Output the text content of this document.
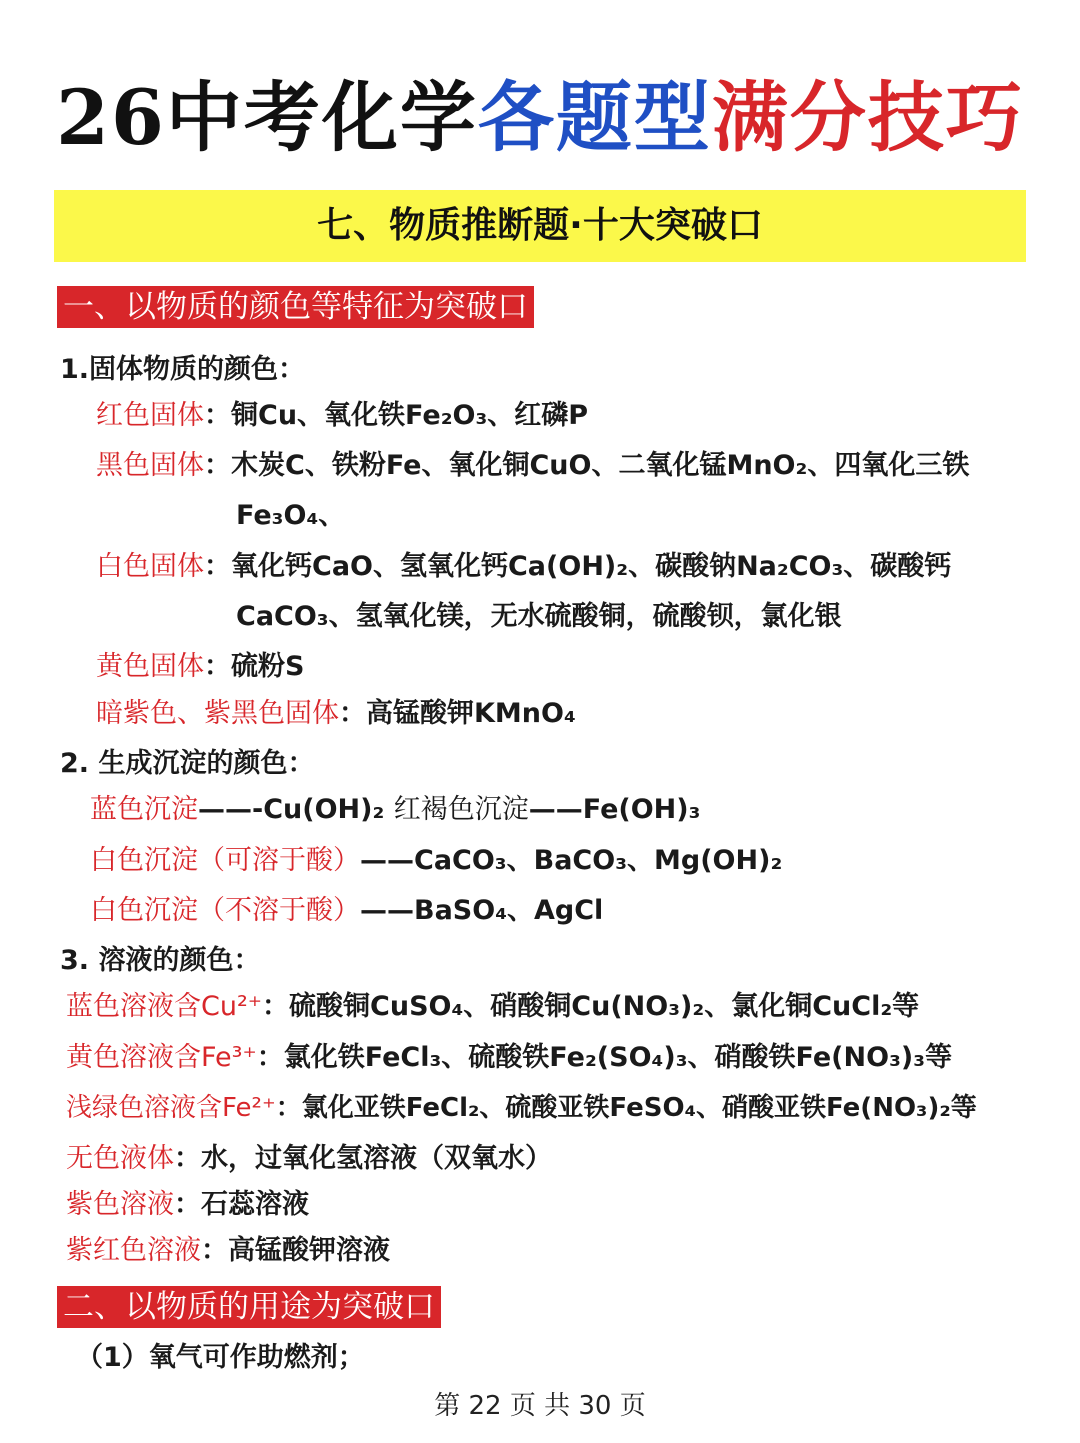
26中考化学各题型满分技巧
七、物质推断题·十大突破口
一、以物质的颜色等特征为突破口
1.固体物质的颜色：
红色固体：铜Cu、氧化铁Fe₂O₃、红磷P
黑色固体：木炭C、铁粉Fe、氧化铜CuO、二氧化锰MnO₂、四氧化三铁
Fe₃O₄、
白色固体：氧化钙CaO、氢氧化钙Ca(OH)₂、碳酸钠Na₂CO₃、碳酸钙
CaCO₃、氢氧化镁，无水硫酸铜，硫酸钡，氯化银
黄色固体：硫粉S
暗紫色、紫黑色固体：高锰酸钾KMnO₄
2. 生成沉淀的颜色：
蓝色沉淀——-Cu(OH)₂ 红褐色沉淀——Fe(OH)₃
白色沉淀（可溶于酸）——CaCO₃、BaCO₃、Mg(OH)₂
白色沉淀（不溶于酸）——BaSO₄、AgCl
3. 溶液的颜色：
蓝色溶液含Cu²⁺：硫酸铜CuSO₄、硝酸铜Cu(NO₃)₂、氯化铜CuCl₂等
黄色溶液含Fe³⁺：氯化铁FeCl₃、硫酸铁Fe₂(SO₄)₃、硝酸铁Fe(NO₃)₃等
浅绿色溶液含Fe²⁺：氯化亚铁FeCl₂、硫酸亚铁FeSO₄、硝酸亚铁Fe(NO₃)₂等
无色液体：水，过氧化氢溶液（双氧水）
紫色溶液：石蕊溶液
紫红色溶液：高锰酸钾溶液
二、以物质的用途为突破口
（1）氧气可作助燃剂；
第 22 页 共 30 页
